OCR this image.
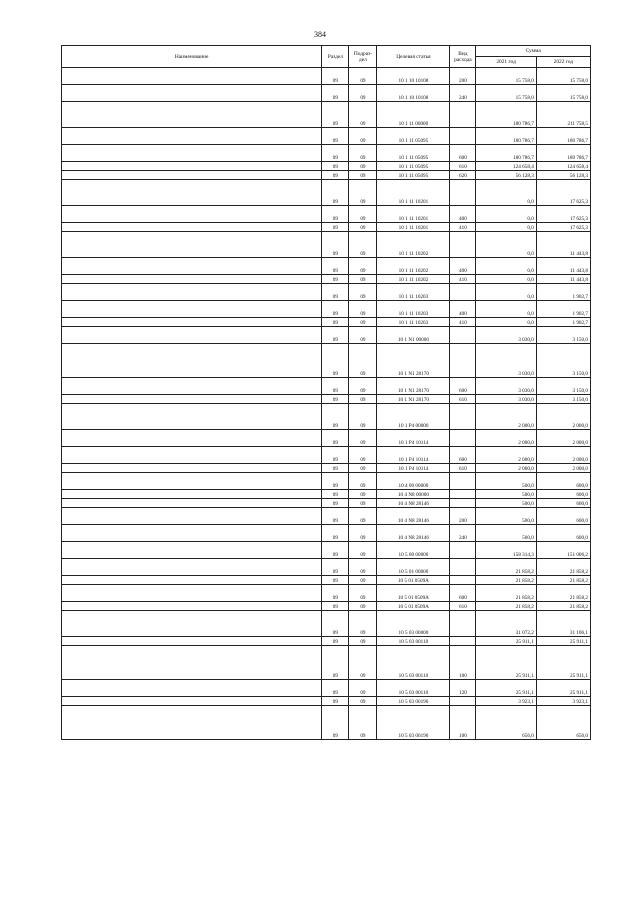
384
Наименование	Раздел	Подраз-дел	Целевая статья	Вид расхода	Сумма	
					2021 год	2022 год
	09	09	10 1 10 10108	200	15 758,0	15 758,0
	09	09	10 1 10 10108	240	15 758,0	15 758,0
	09	09	10 1 11 00000		180 786,7	211 758,5
	09	09	10 1 11 05095		180 786,7	180 786,7
	09	09	10 1 11 05095	600	180 786,7	180 786,7
	09	09	10 1 11 05095	610	124 658,4	124 658,4
	09	09	10 1 11 05095	620	56 128,3	56 128,3
	09	09	10 1 11 10201		0,0	17 625,3
	09	09	10 1 11 10201	400	0,0	17 625,3
	09	09	10 1 11 10201	410	0,0	17 625,3
	09	09	10 1 11 10202		0,0	11 443,8
	09	09	10 1 11 10202	400	0,0	11 443,8
	09	09	10 1 11 10202	410	0,0	11 443,8
	09	09	10 1 11 10203		0,0	1 902,7
	09	09	10 1 11 10203	400	0,0	1 902,7
	09	09	10 1 11 10203	410	0,0	1 902,7
	09	09	10 1 N1 00000		3 030,0	3 150,0
	09	09	10 1 N1 28170		3 030,0	3 150,0
	09	09	10 1 N1 28170	600	3 030,0	3 150,0
	09	09	10 1 N1 28170	610	3 030,0	3 150,0
	09	09	10 1 P4 00000		2 000,0	2 000,0
	09	09	10 1 P4 10114		2 000,0	2 000,0
	09	09	10 1 P4 10114	600	2 000,0	2 000,0
	09	09	10 1 P4 10114	610	2 000,0	2 000,0
	09	09	10 4 00 00000		500,0	600,0
	09	09	10 4 N8 00000		500,0	600,0
	09	09	10 4 N8 28146		500,0	600,0
	09	09	10 4 N8 28146	200	500,0	600,0
	09	09	10 4 N8 28146	240	500,0	600,0
	09	09	10 5 00 00000		158 314,3	151 006,2
	09	09	10 5 01 00000		21 858,2	21 858,2
	09	09	10 5 01 0509A		21 858,2	21 858,2
	09	09	10 5 01 0509A	600	21 858,2	21 858,2
	09	09	10 5 01 0509A	610	21 858,2	21 858,2
	09	09	10 5 03 00000		31 072,2	31 106,1
	09	09	10 5 03 00110		25 911,1	25 911,1
	09	09	10 5 03 00110	100	25 911,1	25 911,1
	09	09	10 5 03 00110	120	25 911,1	25 911,1
	09	09	10 5 03 00190		3 923,1	3 923,1
	09	09	10 5 03 00190	100	656,0	656,0
